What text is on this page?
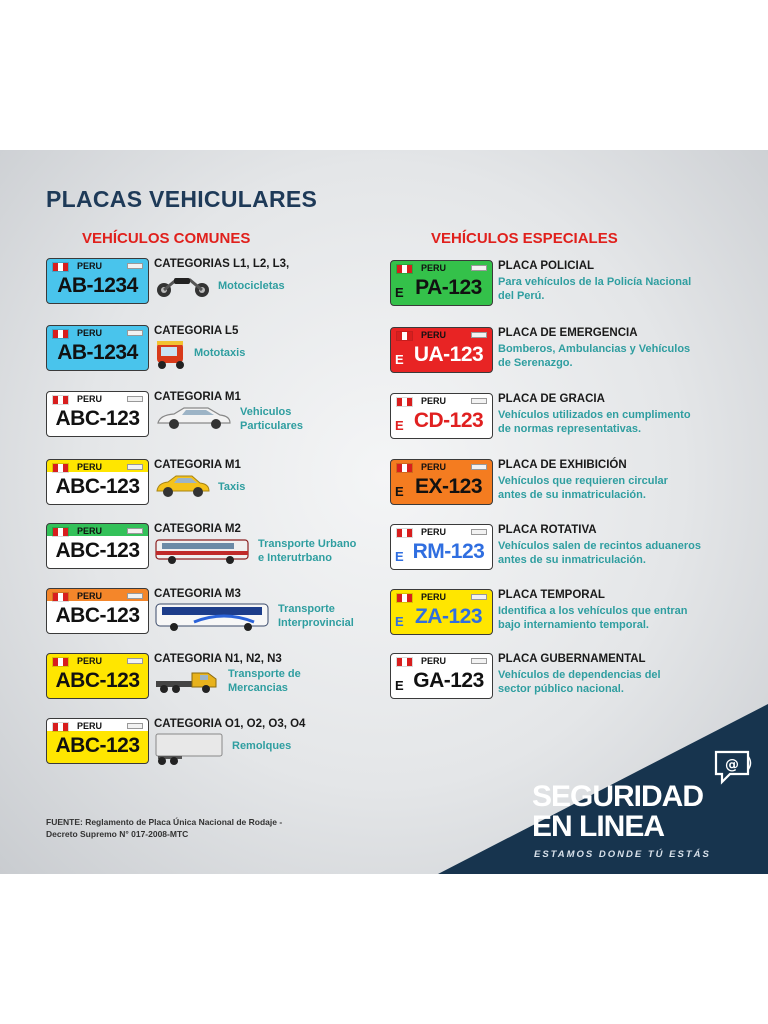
PLACAS VEHICULARES
VEHÍCULOS COMUNES	VEHÍCULOS ESPECIALES
PERU
AB-1234
CATEGORIAS L1, L2, L3,
Motocicletas
PERU
AB-1234
CATEGORIA L5
Mototaxis
PERU
ABC-123
CATEGORIA M1
Vehiculos
Particulares
PERU
ABC-123
CATEGORIA M1
Taxis
PERU
ABC-123
CATEGORIA M2
Transporte Urbano
e Interutrbano
PERU
ABC-123
CATEGORIA M3
Transporte
Interprovincial
PERU
ABC-123
CATEGORIA N1, N2, N3
Transporte de
Mercancias
PERU
ABC-123
CATEGORIA O1, O2, O3, O4
Remolques
PERU
E PA-123
PLACA POLICIAL
Para vehículos de la Policía Nacional
del Perú.
PERU
E UA-123
PLACA DE EMERGENCIA
Bomberos, Ambulancias y Vehículos
de Serenazgo.
PERU
E CD-123
PLACA DE GRACIA
Vehículos utilizados en cumplimento
de normas representativas.
PERU
E EX-123
PLACA DE EXHIBICIÓN
Vehículos que requieren circular
antes de su inmatriculación.
PERU
E RM-123
PLACA ROTATIVA
Vehículos salen de recintos aduaneros
antes de su inmatriculación.
PERU
E ZA-123
PLACA TEMPORAL
Identifica a los vehículos que entran
bajo internamiento temporal.
PERU
E GA-123
PLACA GUBERNAMENTAL
Vehículos de dependencias del
sector público nacional.
FUENTE: Reglamento de Placa Única Nacional de Rodaje -
Decreto Supremo N° 017-2008-MTC
@
SEGURIDAD
EN LINEA
ESTAMOS DONDE TÚ ESTÁS
